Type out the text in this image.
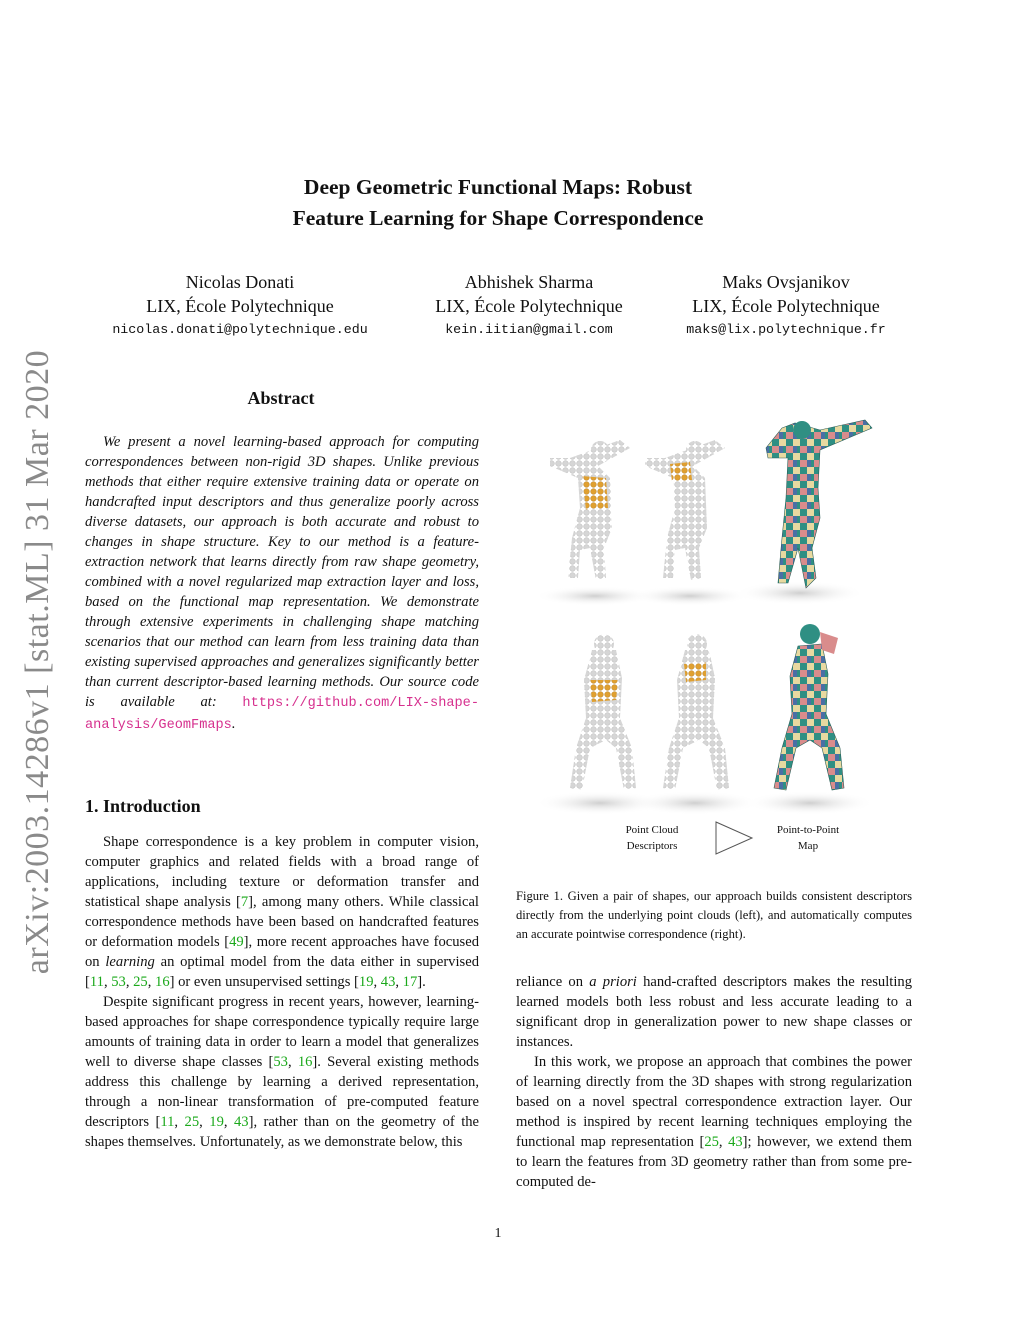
arXiv:2003.14286v1 [stat.ML] 31 Mar 2020
Deep Geometric Functional Maps: Robust
Feature Learning for Shape Correspondence
Nicolas Donati
LIX, École Polytechnique
nicolas.donati@polytechnique.edu
Abhishek Sharma
LIX, École Polytechnique
kein.iitian@gmail.com
Maks Ovsjanikov
LIX, École Polytechnique
maks@lix.polytechnique.fr
Abstract
We present a novel learning-based approach for computing correspondences between non-rigid 3D shapes. Unlike previous methods that either require extensive training data or operate on handcrafted input descriptors and thus generalize poorly across diverse datasets, our approach is both accurate and robust to changes in shape structure. Key to our method is a feature-extraction network that learns directly from raw shape geometry, combined with a novel regularized map extraction layer and loss, based on the functional map representation. We demonstrate through extensive experiments in challenging shape matching scenarios that our method can learn from less training data than existing supervised approaches and generalizes significantly better than current descriptor-based learning methods. Our source code is available at: https://github.com/LIX-shape-analysis/GeomFmaps.
1. Introduction

Shape correspondence is a key problem in computer vision, computer graphics and related fields with a broad range of applications, including texture or deformation transfer and statistical shape analysis [7], among many others. While classical correspondence methods have been based on handcrafted features or deformation models [49], more recent approaches have focused on learning an optimal model from the data either in supervised [11, 53, 25, 16] or even unsupervised settings [19, 43, 17].

Despite significant progress in recent years, however, learning-based approaches for shape correspondence typically require large amounts of training data in order to learn a model that generalizes well to diverse shape classes [53, 16]. Several existing methods address this challenge by learning a derived representation, through a non-linear transformation of pre-computed feature descriptors [11, 25, 19, 43], rather than on the geometry of the shapes themselves. Unfortunately, as we demonstrate below, this

Point Cloud
Descriptors
Point-to-Point
Map
Figure 1. Given a pair of shapes, our approach builds consistent descriptors directly from the underlying point clouds (left), and automatically computes an accurate pointwise correspondence (right).

reliance on a priori hand-crafted descriptors makes the resulting learned models both less robust and less accurate leading to a significant drop in generalization power to new shape classes or instances.

In this work, we propose an approach that combines the power of learning directly from the 3D shapes with strong regularization based on a novel spectral correspondence extraction layer. Our method is inspired by recent learning techniques employing the functional map representation [25, 43]; however, we extend them to learn the features from 3D geometry rather than from some pre-computed de-

1
